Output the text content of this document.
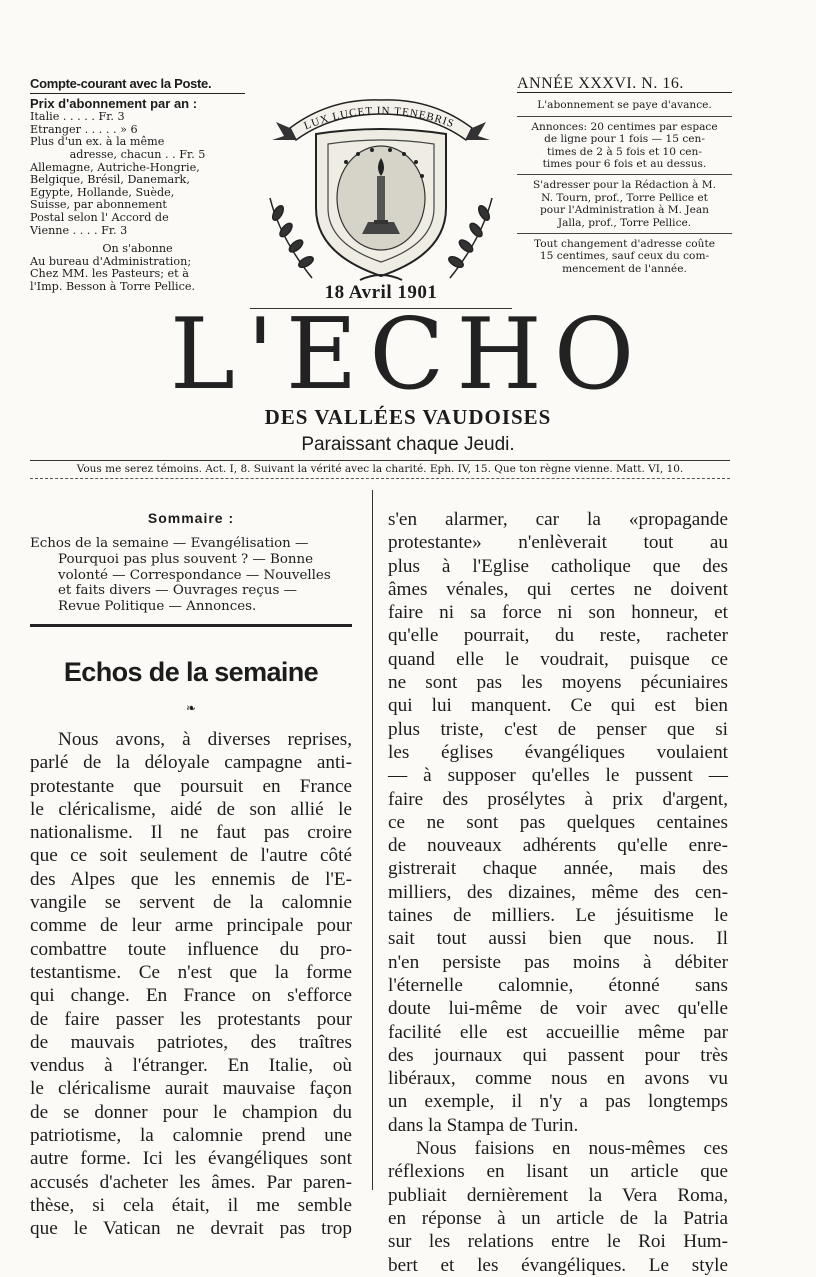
Compte-courant avec la Poste.
Prix d'abonnement par an :
Italie . . . . . Fr. 3
Etranger . . . . . » 6
Plus d'un ex. à la même
adresse, chacun . . Fr. 5
Allemagne, Autriche-Hongrie,
Belgique, Brésil, Danemark,
Egypte, Hollande, Suède,
Suisse, par abonnement
Postal selon l' Accord de
Vienne . . . . Fr. 3
On s'abonne
Au bureau d'Administration;
Chez MM. les Pasteurs; et à
l'Imp. Besson à Torre Pellice.
LUX LUCET IN TENEBRIS
18 Avril 1901
ANNÉE XXXVI. N. 16.
L'abonnement se paye d'avance.
Annonces: 20 centimes par espace
de ligne pour 1 fois — 15 cen-
times de 2 à 5 fois et 10 cen-
times pour 6 fois et au dessus.
S'adresser pour la Rédaction à M.
N. Tourn, prof., Torre Pellice et
pour l'Administration à M. Jean
Jalla, prof., Torre Pellice.
Tout changement d'adresse coûte
15 centimes, sauf ceux du com-
mencement de l'année.
L'ECHO
DES VALLÉES VAUDOISES
Paraissant chaque Jeudi.
Vous me serez témoins. Act. I, 8. Suivant la vérité avec la charité. Eph. IV, 15. Que ton règne vienne. Matt. VI, 10.
Sommaire :
Echos de la semaine — Evangélisation —
Pourquoi pas plus souvent ? — Bonne
volonté — Correspondance — Nouvelles
et faits divers — Ouvrages reçus —
Revue Politique — Annonces.
Echos de la semaine
❧
Nous avons, à diverses reprises,
parlé de la déloyale campagne anti-
protestante que poursuit en France
le cléricalisme, aidé de son allié le
nationalisme. Il ne faut pas croire
que ce soit seulement de l'autre côté
des Alpes que les ennemis de l'E-
vangile se servent de la calomnie
comme de leur arme principale pour
combattre toute influence du pro-
testantisme. Ce n'est que la forme
qui change. En France on s'efforce
de faire passer les protestants pour
de mauvais patriotes, des traîtres
vendus à l'étranger. En Italie, où
le cléricalisme aurait mauvaise façon
de se donner pour le champion du
patriotisme, la calomnie prend une
autre forme. Ici les évangéliques sont
accusés d'acheter les âmes. Par paren-
thèse, si cela était, il me semble
que le Vatican ne devrait pas trop
s'en alarmer, car la «propagande
protestante» n'enlèverait tout au
plus à l'Eglise catholique que des
âmes vénales, qui certes ne doivent
faire ni sa force ni son honneur, et
qu'elle pourrait, du reste, racheter
quand elle le voudrait, puisque ce
ne sont pas les moyens pécuniaires
qui lui manquent. Ce qui est bien
plus triste, c'est de penser que si
les églises évangéliques voulaient
— à supposer qu'elles le pussent —
faire des prosélytes à prix d'argent,
ce ne sont pas quelques centaines
de nouveaux adhérents qu'elle enre-
gistrerait chaque année, mais des
milliers, des dizaines, même des cen-
taines de milliers. Le jésuitisme le
sait tout aussi bien que nous. Il
n'en persiste pas moins à débiter
l'éternelle calomnie, étonné sans
doute lui-même de voir avec qu'elle
facilité elle est accueillie même par
des journaux qui passent pour très
libéraux, comme nous en avons vu
un exemple, il n'y a pas longtemps
dans la Stampa de Turin.
Nous faisions en nous-mêmes ces
réflexions en lisant un article que
publiait dernièrement la Vera Roma,
en réponse à un article de la Patria
sur les relations entre le Roi Hum-
bert et les évangéliques. Le style
